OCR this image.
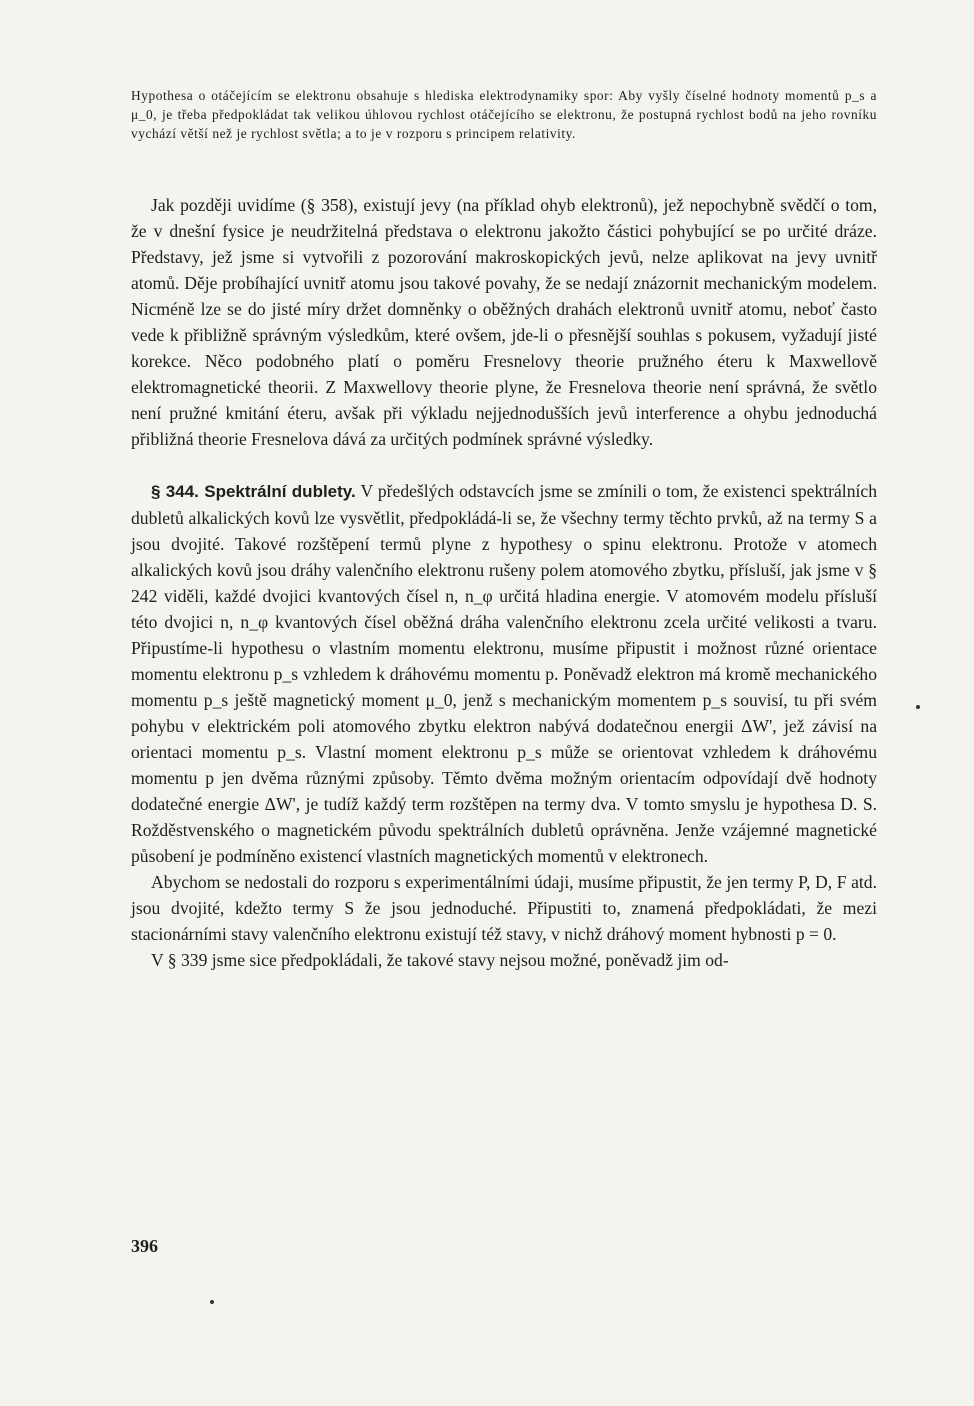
Hypothesa o otáčejícím se elektronu obsahuje s hlediska elektrodynamiky spor: Aby vyšly číselné hodnoty momentů p_s a μ_0, je třeba předpokládat tak velikou úhlovou rychlost otáčejícího se elektronu, že postupná rychlost bodů na jeho rovníku vychází větší než je rychlost světla; a to je v rozporu s principem relativity.

Jak později uvidíme (§ 358), existují jevy (na příklad ohyb elektronů), jež nepochybně svědčí o tom, že v dnešní fysice je neudržitelná představa o elektronu jakožto částici pohybující se po určité dráze. Představy, jež jsme si vytvořili z pozorování makroskopických jevů, nelze aplikovat na jevy uvnitř atomů. Děje probíhající uvnitř atomu jsou takové povahy, že se nedají znázornit mechanickým modelem. Nicméně lze se do jisté míry držet domněnky o oběžných drahách elektronů uvnitř atomu, neboť často vede k přibližně správným výsledkům, které ovšem, jde-li o přesnější souhlas s pokusem, vyžadují jisté korekce. Něco podobného platí o poměru Fresnelovy theorie pružného éteru k Maxwellově elektromagnetické theorii. Z Maxwellovy theorie plyne, že Fresnelova theorie není správná, že světlo není pružné kmitání éteru, avšak při výkladu nejjednodušších jevů interference a ohybu jednoduchá přibližná theorie Fresnelova dává za určitých podmínek správné výsledky.

§ 344. Spektrální dublety. V předešlých odstavcích jsme se zmínili o tom, že existenci spektrálních dubletů alkalických kovů lze vysvětlit, předpokládá-li se, že všechny termy těchto prvků, až na termy S a jsou dvojité. Takové rozštěpení termů plyne z hypothesy o spinu elektronu. Protože v atomech alkalických kovů jsou dráhy valenčního elektronu rušeny polem atomového zbytku, přísluší, jak jsme v § 242 viděli, každé dvojici kvantových čísel n, n_φ určitá hladina energie. V atomovém modelu přísluší této dvojici n, n_φ kvantových čísel oběžná dráha valenčního elektronu zcela určité velikosti a tvaru. Připustíme-li hypothesu o vlastním momentu elektronu, musíme připustit i možnost různé orientace momentu elektronu p_s vzhledem k dráhovému momentu p. Poněvadž elektron má kromě mechanického momentu p_s ještě magnetický moment μ_0, jenž s mechanickým momentem p_s souvisí, tu při svém pohybu v elektrickém poli atomového zbytku elektron nabývá dodatečnou energii ΔW', jež závisí na orientaci momentu p_s. Vlastní moment elektronu p_s může se orientovat vzhledem k dráhovému momentu p jen dvěma různými způsoby. Těmto dvěma možným orientacím odpovídají dvě hodnoty dodatečné energie ΔW', je tudíž každý term rozštěpen na termy dva. V tomto smyslu je hypothesa D. S. Rožděstvenského o magnetickém původu spektrálních dubletů oprávněna. Jenže vzájemné magnetické působení je podmíněno existencí vlastních magnetických momentů v elektronech.

Abychom se nedostali do rozporu s experimentálními údaji, musíme připustit, že jen termy P, D, F atd. jsou dvojité, kdežto termy S že jsou jednoduché. Připustiti to, znamená předpokládati, že mezi stacionárními stavy valenčního elektronu existují též stavy, v nichž dráhový moment hybnosti p = 0.

V § 339 jsme sice předpokládali, že takové stavy nejsou možné, poněvadž jim od-

396
